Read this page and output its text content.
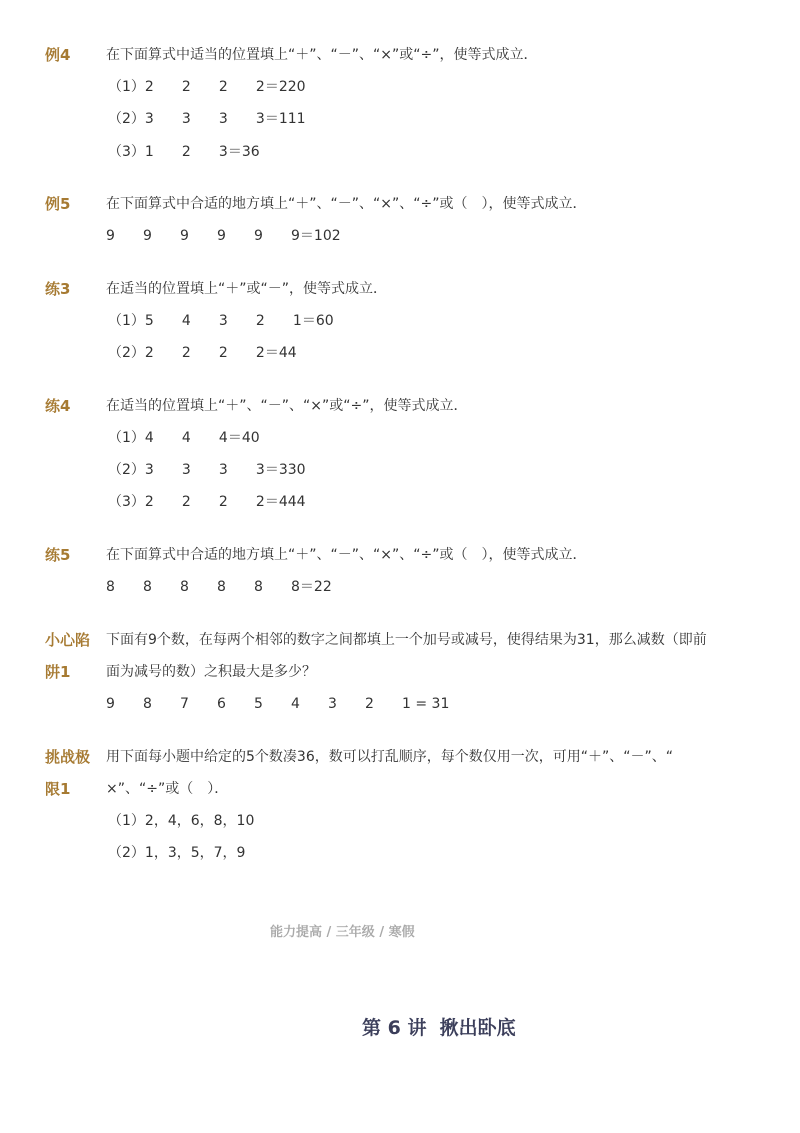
例4	在下面算式中适当的位置填上“＋”、“－”、“×”或“÷”，使等式成立．
（1）2 2 2 2＝220
（2）3 3 3 3＝111
（3）1 2 3＝36
例5	在下面算式中合适的地方填上“＋”、“－”、“×”、“÷”或（　），使等式成立．
9 9 9 9 9 9＝102
练3	在适当的位置填上“＋”或“－”，使等式成立．
（1）5 4 3 2 1＝60
（2）2 2 2 2＝44
练4	在适当的位置填上“＋”、“－”、“×”或“÷”，使等式成立．
（1）4 4 4＝40
（2）3 3 3 3＝330
（3）2 2 2 2＝444
练5	在下面算式中合适的地方填上“＋”、“－”、“×”、“÷”或（　），使等式成立．
8 8 8 8 8 8＝22
小心陷
阱1
下面有9个数，在每两个相邻的数字之间都填上一个加号或减号，使得结果为31，那么减数（即前
面为减号的数）之积最大是多少？
9 8 7 6 5 4 3 2 1 = 31
挑战极
限1
用下面每小题中给定的5个数凑36，数可以打乱顺序，每个数仅用一次，可用“＋”、“－”、“
×”、“÷”或（　）．
（1）2，4，6，8，10
（2）1，3，5，7，9
能力提高 / 三年级 / 寒假
第 6 讲  揪出卧底
